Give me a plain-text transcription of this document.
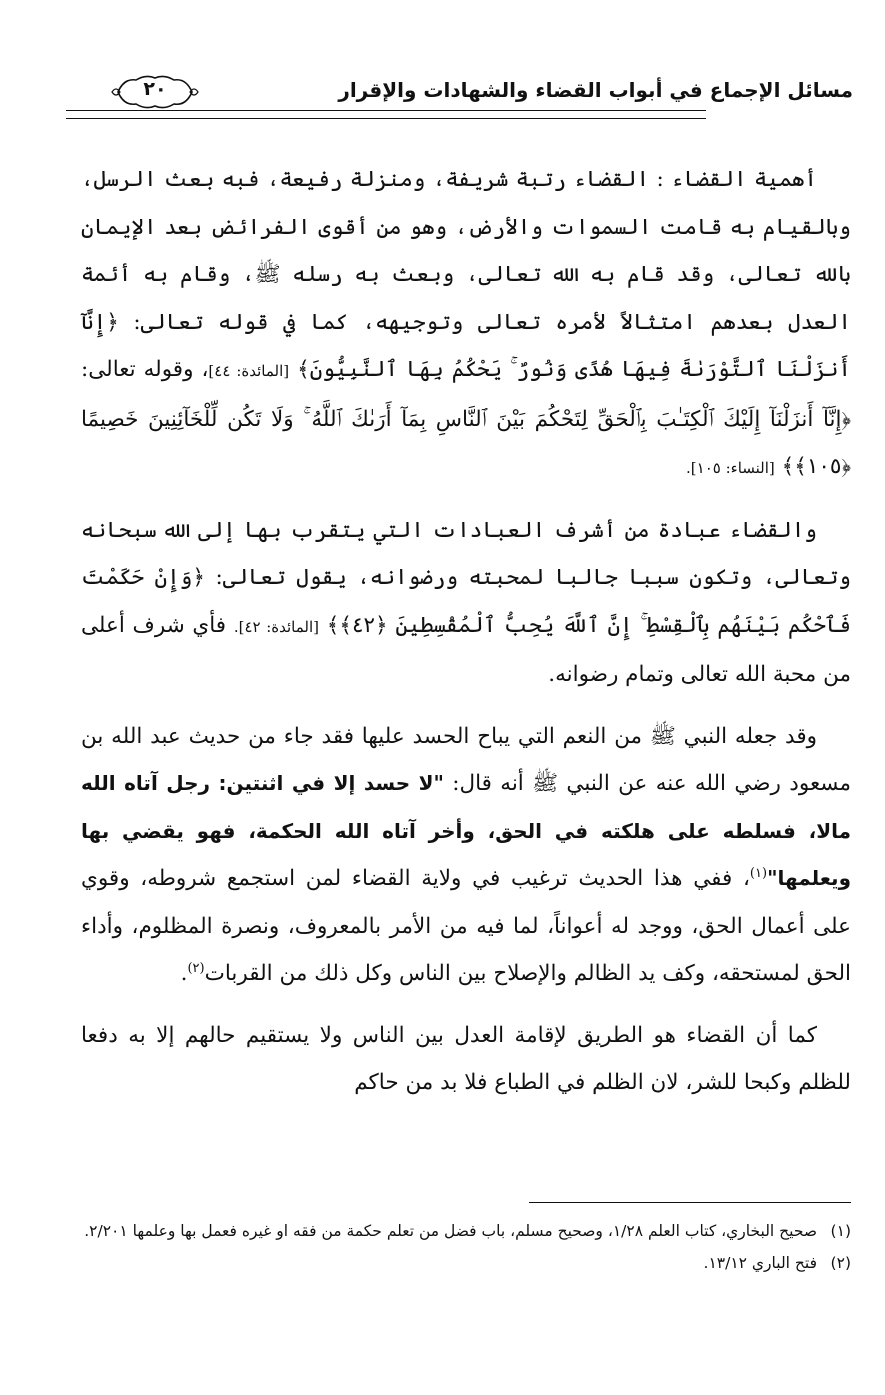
مسائل الإجماع في أبواب القضاء والشهادات والإقرار
٢٠

أهمية القضاء : القضاء رتبة شريفة، ومنزلة رفيعة، فبه بعث الرسل، وبالقيام به قامت السموات والأرض، وهو من أقوى الفرائض بعد الإيمان بالله تعالى، وقد قام به الله تعالى، وبعث به رسله ﷺ، وقام به أئمة العدل بعدهم امتثالاً لأمره تعالى وتوجيهه، كما في قوله تعالى: ﴿إِنَّآ أَنزَلْنَا ٱلتَّوْرَىٰةَ فِيهَا هُدًى وَنُورٌ ۚ يَحْكُمُ بِهَا ٱلنَّبِيُّونَ﴾ [المائدة: ٤٤]، وقوله تعالى: ﴿إِنَّآ أَنزَلْنَآ إِلَيْكَ ٱلْكِتَـٰبَ بِٱلْحَقِّ لِتَحْكُمَ بَيْنَ ٱلنَّاسِ بِمَآ أَرَىٰكَ ٱللَّهُ ۚ وَلَا تَكُن لِّلْخَآئِنِينَ خَصِيمًا ﴿١٠٥﴾﴾ [النساء: ١٠٥].

والقضاء عبادة من أشرف العبادات التي يتقرب بها إلى الله سبحانه وتعالى، وتكون سببا جالبا لمحبته ورضوانه، يقول تعالى: ﴿وَإِنْ حَكَمْتَ فَٱحْكُم بَيْنَهُم بِٱلْقِسْطِ ۚ إِنَّ ٱللَّهَ يُحِبُّ ٱلْمُقْسِطِينَ ﴿٤٢﴾﴾ [المائدة: ٤٢]. فأي شرف أعلى من محبة الله تعالى وتمام رضوانه.

وقد جعله النبي ﷺ من النعم التي يباح الحسد عليها فقد جاء من حديث عبد الله بن مسعود رضي الله عنه عن النبي ﷺ أنه قال: "لا حسد إلا في اثنتين: رجل آتاه الله مالا، فسلطه على هلكته في الحق، وأخر آتاه الله الحكمة، فهو يقضي بها ويعلمها"$^{(١)}$، ففي هذا الحديث ترغيب في ولاية القضاء لمن استجمع شروطه، وقوي على أعمال الحق، ووجد له أعواناً، لما فيه من الأمر بالمعروف، ونصرة المظلوم، وأداء الحق لمستحقه، وكف يد الظالم والإصلاح بين الناس وكل ذلك من القربات$^{(٢)}$.

كما أن القضاء هو الطريق لإقامة العدل بين الناس ولا يستقيم حالهم إلا به دفعا للظلم وكبحا للشر، لان الظلم في الطباع فلا بد من حاكم

(١)صحيح البخاري، كتاب العلم ١/٢٨، وصحيح مسلم، باب فضل من تعلم حكمة من فقه او غيره فعمل بها وعلمها ٢/٢٠١.

(٢)فتح الباري ١٣/١٢.
